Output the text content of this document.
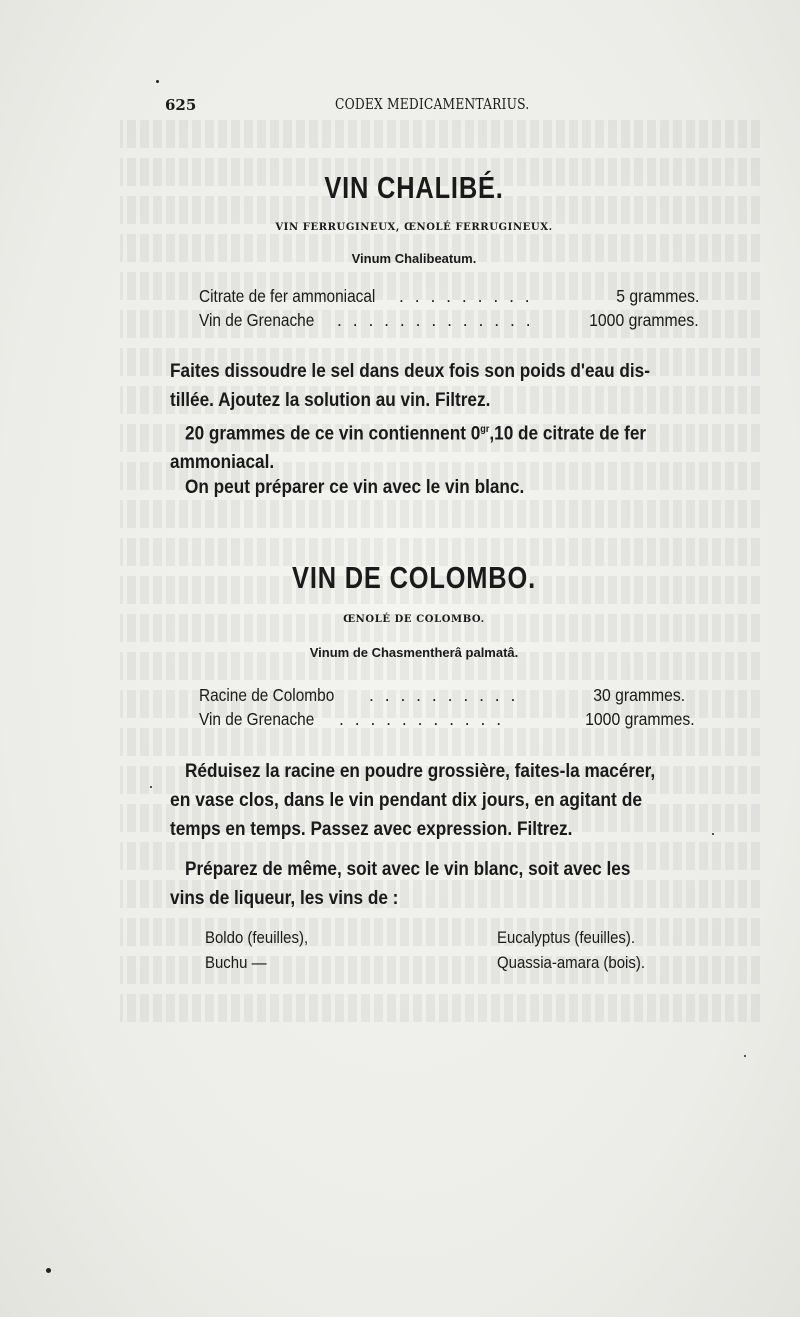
625	CODEX MEDICAMENTARIUS.
VIN CHALIBÉ.
VIN FERRUGINEUX, ŒNOLÉ FERRUGINEUX.
Vinum Chalibeatum.
Citrate de fer ammoniacal . . . . . . . . .	5 grammes.
Vin de Grenache . . . . . . . . . . . . .	1000 grammes.
Faites dissoudre le sel dans deux fois son poids d'eau dis-
tillée. Ajoutez la solution au vin. Filtrez.
20 grammes de ce vin contiennent $0^{gr},10$ de citrate de fer
ammoniacal.
On peut préparer ce vin avec le vin blanc.
VIN DE COLOMBO.
ŒNOLÉ DE COLOMBO.
Vinum de Chasmentherâ palmatâ.
Racine de Colombo . . . . . . . . . .	30 grammes.
Vin de Grenache . . . . . . . . . . .	1000 grammes.
Réduisez la racine en poudre grossière, faites-la macérer,
en vase clos, dans le vin pendant dix jours, en agitant de
temps en temps. Passez avec expression. Filtrez.
Préparez de même, soit avec le vin blanc, soit avec les
vins de liqueur, les vins de :
Boldo (feuilles),	Eucalyptus (feuilles).
Buchu —	Quassia-amara (bois).
